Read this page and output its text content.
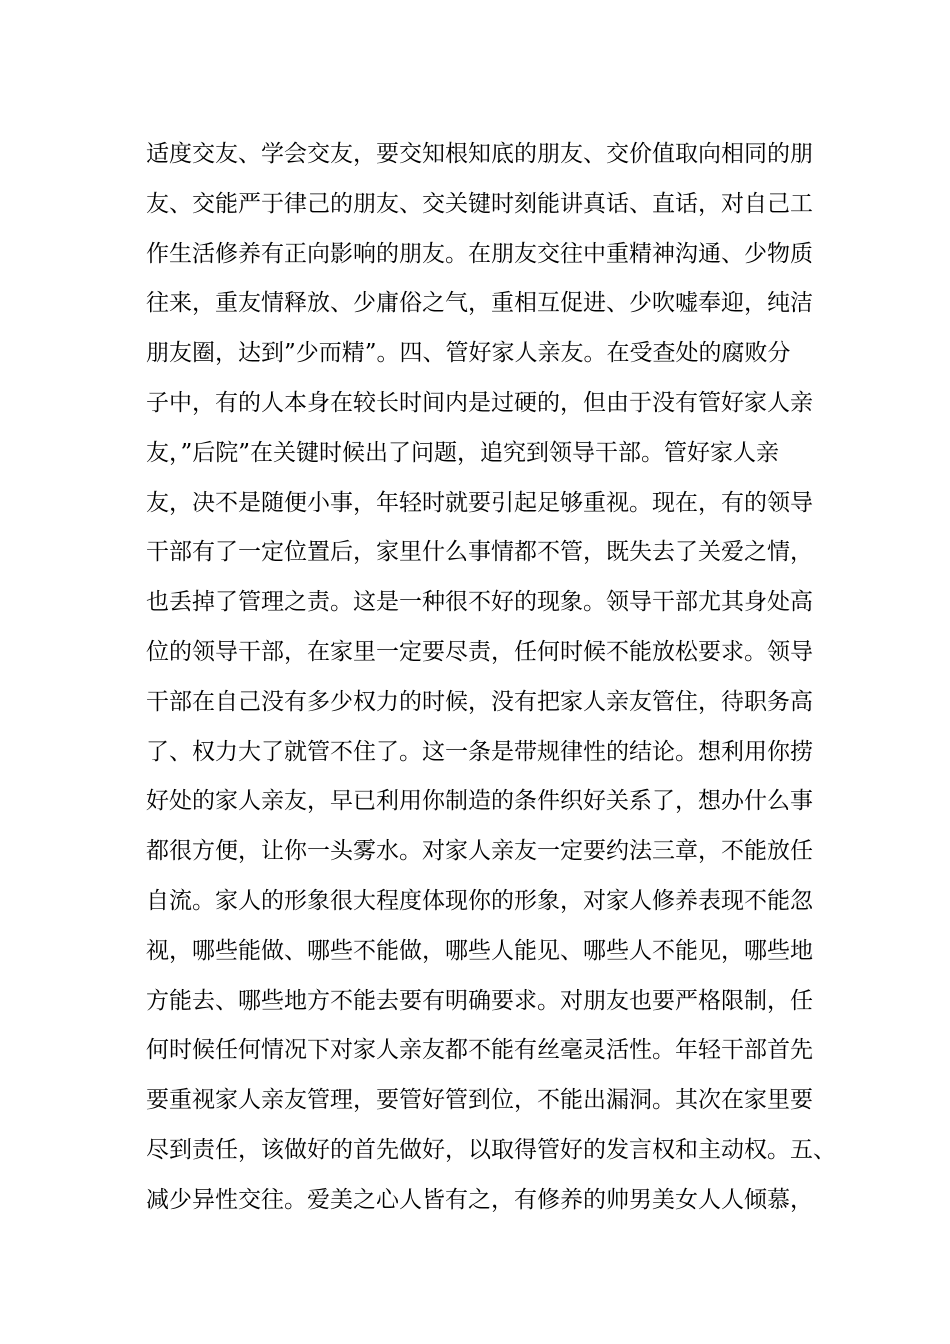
适度交友、学会交友，要交知根知底的朋友、交价值取向相同的朋
友、交能严于律己的朋友、交关键时刻能讲真话、直话，对自己工
作生活修养有正向影响的朋友。在朋友交往中重精神沟通、少物质
往来，重友情释放、少庸俗之气，重相互促进、少吹嘘奉迎，纯洁
朋友圈，达到”少而精”。四、管好家人亲友。在受查处的腐败分
子中，有的人本身在较长时间内是过硬的，但由于没有管好家人亲
友，”后院”在关键时候出了问题，追究到领导干部。管好家人亲
友，决不是随便小事，年轻时就要引起足够重视。现在，有的领导
干部有了一定位置后，家里什么事情都不管，既失去了关爱之情，
也丢掉了管理之责。这是一种很不好的现象。领导干部尤其身处高
位的领导干部，在家里一定要尽责，任何时候不能放松要求。领导
干部在自己没有多少权力的时候，没有把家人亲友管住，待职务高
了、权力大了就管不住了。这一条是带规律性的结论。想利用你捞
好处的家人亲友，早已利用你制造的条件织好关系了，想办什么事
都很方便，让你一头雾水。对家人亲友一定要约法三章，不能放任
自流。家人的形象很大程度体现你的形象，对家人修养表现不能忽
视，哪些能做、哪些不能做，哪些人能见、哪些人不能见，哪些地
方能去、哪些地方不能去要有明确要求。对朋友也要严格限制，任
何时候任何情况下对家人亲友都不能有丝毫灵活性。年轻干部首先
要重视家人亲友管理，要管好管到位，不能出漏洞。其次在家里要
尽到责任，该做好的首先做好，以取得管好的发言权和主动权。五、
减少异性交往。爱美之心人皆有之，有修养的帅男美女人人倾慕，
